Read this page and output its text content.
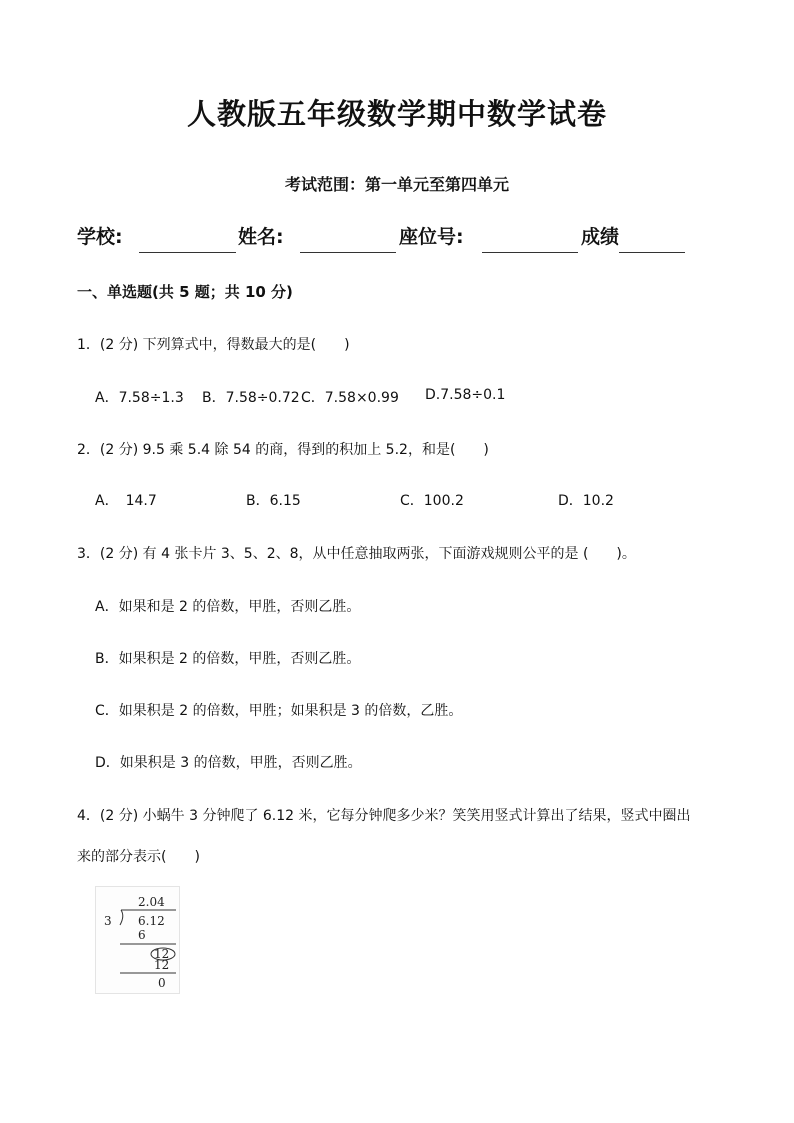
人教版五年级数学期中数学试卷
考试范围：第一单元至第四单元
学校:	姓名:	座位号:	成绩
一、单选题(共 5 题；共 10 分)
1．(2 分) 下列算式中，得数最大的是(　　)
A．7.58÷1.3 B．7.58÷0.72 C．7.58×0.99 D.7.58÷0.1
2．(2 分) 9.5 乘 5.4 除 54 的商，得到的积加上 5.2，和是(　　)
A．　14.7	B．6.15	C．100.2	D．10.2
3．(2 分) 有 4 张卡片 3、5、2、8，从中任意抽取两张，下面游戏规则公平的是 (　　)。
A．如果和是 2 的倍数，甲胜，否则乙胜。
B．如果积是 2 的倍数，甲胜，否则乙胜。
C．如果积是 2 的倍数，甲胜；如果积是 3 的倍数，乙胜。
D．如果积是 3 的倍数，甲胜，否则乙胜。
4．(2 分) 小蜗牛 3 分钟爬了 6.12 米，它每分钟爬多少米？笑笑用竖式计算出了结果，竖式中圈出
来的部分表示(　　)
2.04
3 6.12
6
12
12
0
